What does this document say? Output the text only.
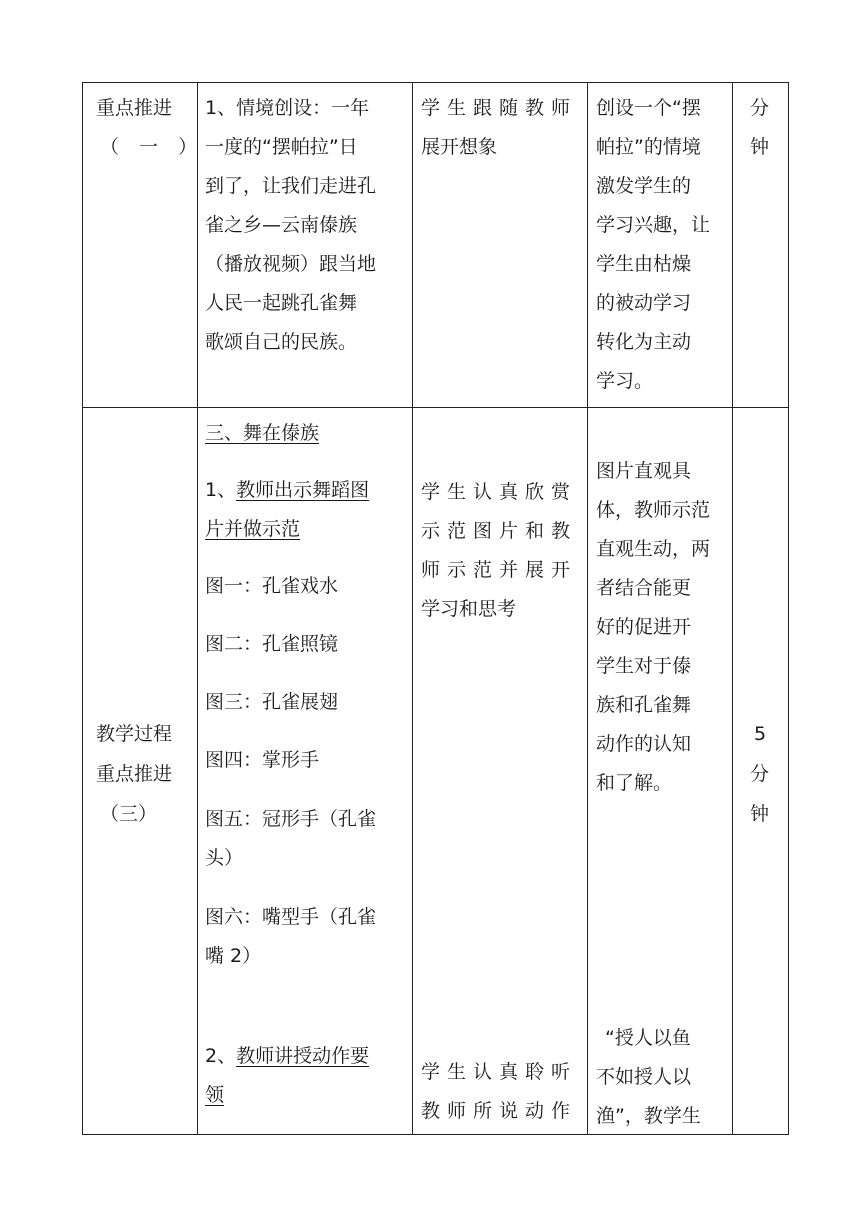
重点推进
（ 一 ）
1、情境创设：一年
一度的“摆帕拉”日
到了，让我们走进孔
雀之乡—云南傣族
（播放视频）跟当地
人民一起跳孔雀舞
歌颂自己的民族。
学生跟随教师
展开想象
创设一个“摆
帕拉”的情境
激发学生的
学习兴趣，让
学生由枯燥
的被动学习
转化为主动
学习。
分
钟
教学过程
重点推进
（三）
三、舞在傣族
1、教师出示舞蹈图
片并做示范
图一：孔雀戏水
图二：孔雀照镜
图三：孔雀展翅
图四：掌形手
图五：冠形手（孔雀
头）
图六：嘴型手（孔雀
嘴 2）
2、教师讲授动作要
领
学生认真欣赏
示范图片和教
师示范并展开
学习和思考
学生认真聆听
教师所说动作
图片直观具
体，教师示范
直观生动，两
者结合能更
好的促进开
学生对于傣
族和孔雀舞
动作的认知
和了解。
“授人以鱼
不如授人以
渔”，教学生
5
分
钟
